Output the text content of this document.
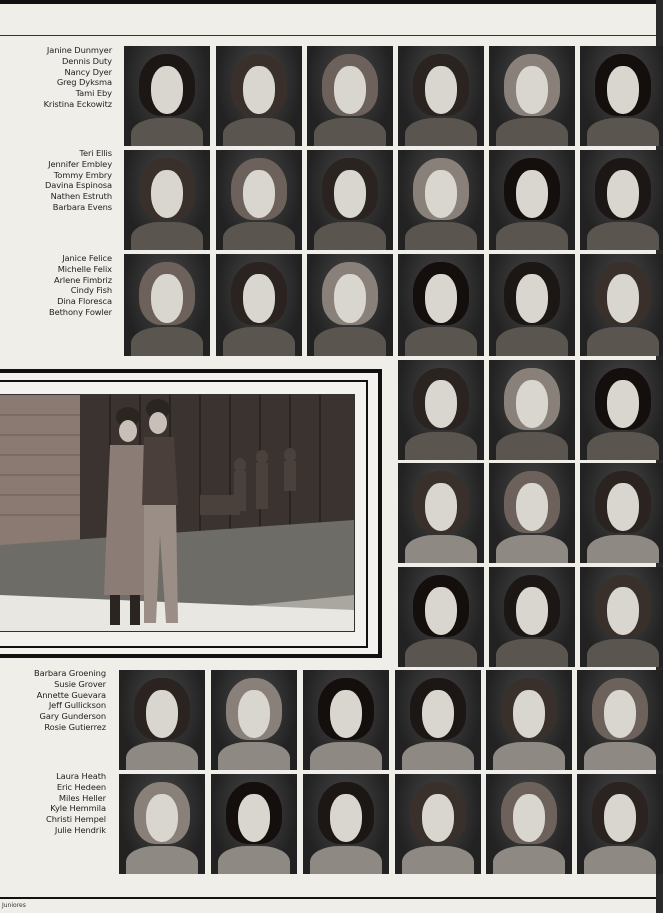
Janine Dunmyer
Dennis Duty
Nancy Dyer
Greg Dyksma
Tami Eby
Kristina Eckowitz
Teri Ellis
Jennifer Embley
Tommy Embry
Davina Espinosa
Nathen Estruth
Barbara Evens
Janice Felice
Michelle Felix
Arlene Fimbriz
Cindy Fish
Dina Floresca
Bethony Fowler
Barbara Groening
Susie Grover
Annette Guevara
Jeff Gullickson
Gary Gunderson
Rosie Gutierrez
Laura Heath
Eric Hedeen
Miles Heller
Kyle Hemmila
Christi Hempel
Julie Hendrik
Juniores
